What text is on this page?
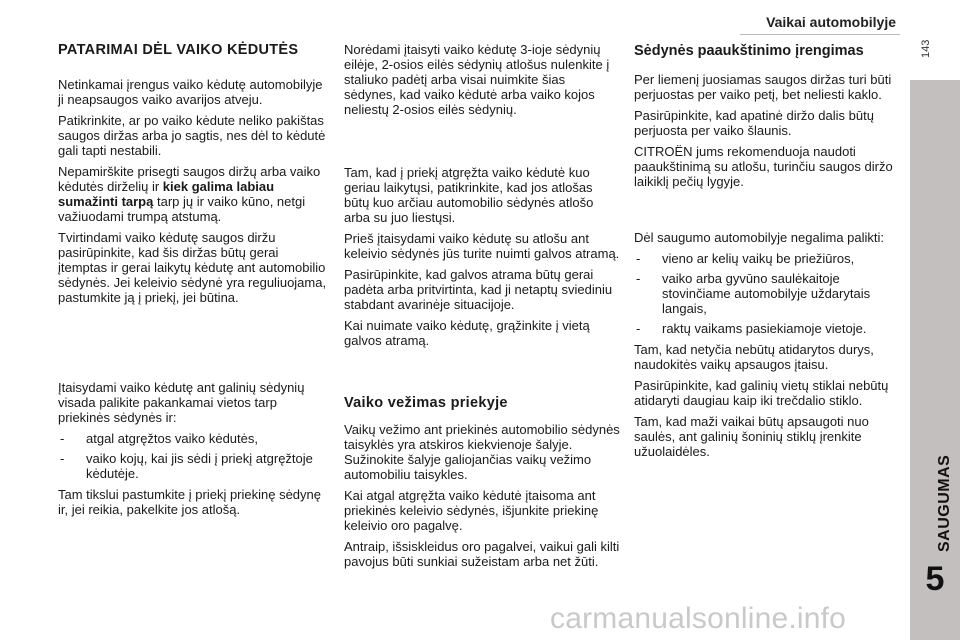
Vaikai automobilyje
143
SAUGUMAS
5
PATARIMAI DĖL VAIKO KĖDUTĖS

Netinkamai įrengus vaiko kėdutę automobilyje ji neapsaugos vaiko avarijos atveju.

Patikrinkite, ar po vaiko kėdute neliko pakištas saugos diržas arba jo sagtis, nes dėl to kėdutė gali tapti nestabili.

Nepamirškite prisegti saugos diržų arba vaiko kėdutės dirželių ir kiek galima labiau sumažinti tarpą tarp jų ir vaiko kūno, netgi važiuodami trumpą atstumą.

Tvirtindami vaiko kėdutę saugos diržu pasirūpinkite, kad šis diržas būtų gerai įtemptas ir gerai laikytų kėdutę ant automobilio sėdynės. Jei keleivio sėdynė yra reguliuojama, pastumkite ją į priekį, jei būtina.

Įtaisydami vaiko kėdutę ant galinių sėdynių visada palikite pakankamai vietos tarp priekinės sėdynės ir:

- atgal atgręžtos vaiko kėdutės,
- vaiko kojų, kai jis sėdi į priekį atgręžtoje kėdutėje.

Tam tikslui pastumkite į priekį priekinę sėdynę ir, jei reikia, pakelkite jos atlošą.

Norėdami įtaisyti vaiko kėdutę 3-ioje sėdynių eilėje, 2-osios eilės sėdynių atlošus nulenkite į staliuko padėtį arba visai nuimkite šias sėdynes, kad vaiko kėdutė arba vaiko kojos neliestų 2-osios eilės sėdynių.

Tam, kad į priekį atgręžta vaiko kėdutė kuo geriau laikytųsi, patikrinkite, kad jos atlošas būtų kuo arčiau automobilio sėdynės atlošo arba su juo liestųsi.

Prieš įtaisydami vaiko kėdutę su atlošu ant keleivio sėdynės jūs turite nuimti galvos atramą.

Pasirūpinkite, kad galvos atrama būtų gerai padėta arba pritvirtinta, kad ji netaptų sviediniu stabdant avarinėje situacijoje.

Kai nuimate vaiko kėdutę, grąžinkite į vietą galvos atramą.

Vaiko vežimas priekyje

Vaikų vežimo ant priekinės automobilio sėdynės taisyklės yra atskiros kiekvienoje šalyje. Sužinokite šalyje galiojančias vaikų vežimo automobiliu taisykles.

Kai atgal atgręžta vaiko kėdutė įtaisoma ant priekinės keleivio sėdynės, išjunkite priekinę keleivio oro pagalvę.

Antraip, išsiskleidus oro pagalvei, vaikui gali kilti pavojus būti sunkiai sužeistam arba net žūti.

Sėdynės paaukštinimo įrengimas

Per liemenį juosiamas saugos diržas turi būti perjuostas per vaiko petį, bet neliesti kaklo.

Pasirūpinkite, kad apatinė diržo dalis būtų perjuosta per vaiko šlaunis.

CITROËN jums rekomenduoja naudoti paaukštinimą su atlošu, turinčiu saugos diržo laikiklį pečių lygyje.

Dėl saugumo automobilyje negalima palikti:

- vieno ar kelių vaikų be priežiūros,
- vaiko arba gyvūno saulėkaitoje stovinčiame automobilyje uždarytais langais,
- raktų vaikams pasiekiamoje vietoje.

Tam, kad netyčia nebūtų atidarytos durys, naudokitės vaikų apsaugos įtaisu.

Pasirūpinkite, kad galinių vietų stiklai nebūtų atidaryti daugiau kaip iki trečdalio stiklo.

Tam, kad maži vaikai būtų apsaugoti nuo saulės, ant galinių šoninių stiklų įrenkite užuolaidėles.

carmanualsonline.info
